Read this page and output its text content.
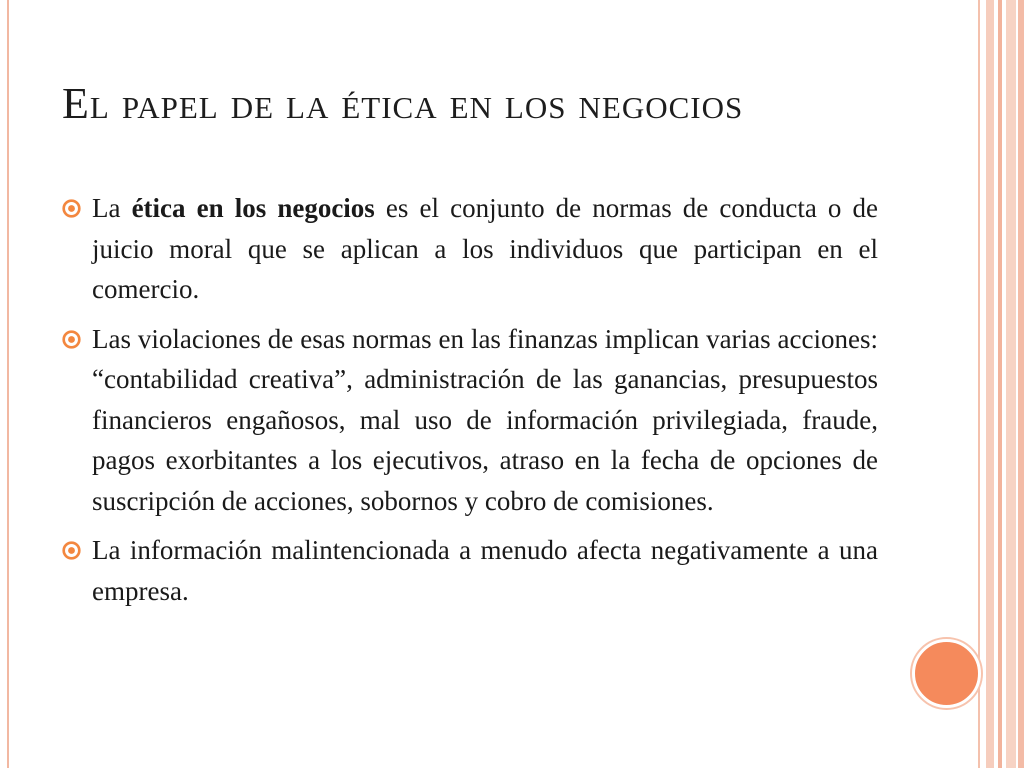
El papel de la ética en los negocios

La ética en los negocios es el conjunto de normas de conducta o de juicio moral que se aplican a los individuos que participan en el comercio.

Las violaciones de esas normas en las finanzas implican varias acciones: “contabilidad creativa”, administración de las ganancias, presupuestos financieros engañosos, mal uso de información privilegiada, fraude, pagos exorbitantes a los ejecutivos, atraso en la fecha de opciones de suscripción de acciones, sobornos y cobro de comisiones.

La información malintencionada a menudo afecta negativamente a una empresa.
